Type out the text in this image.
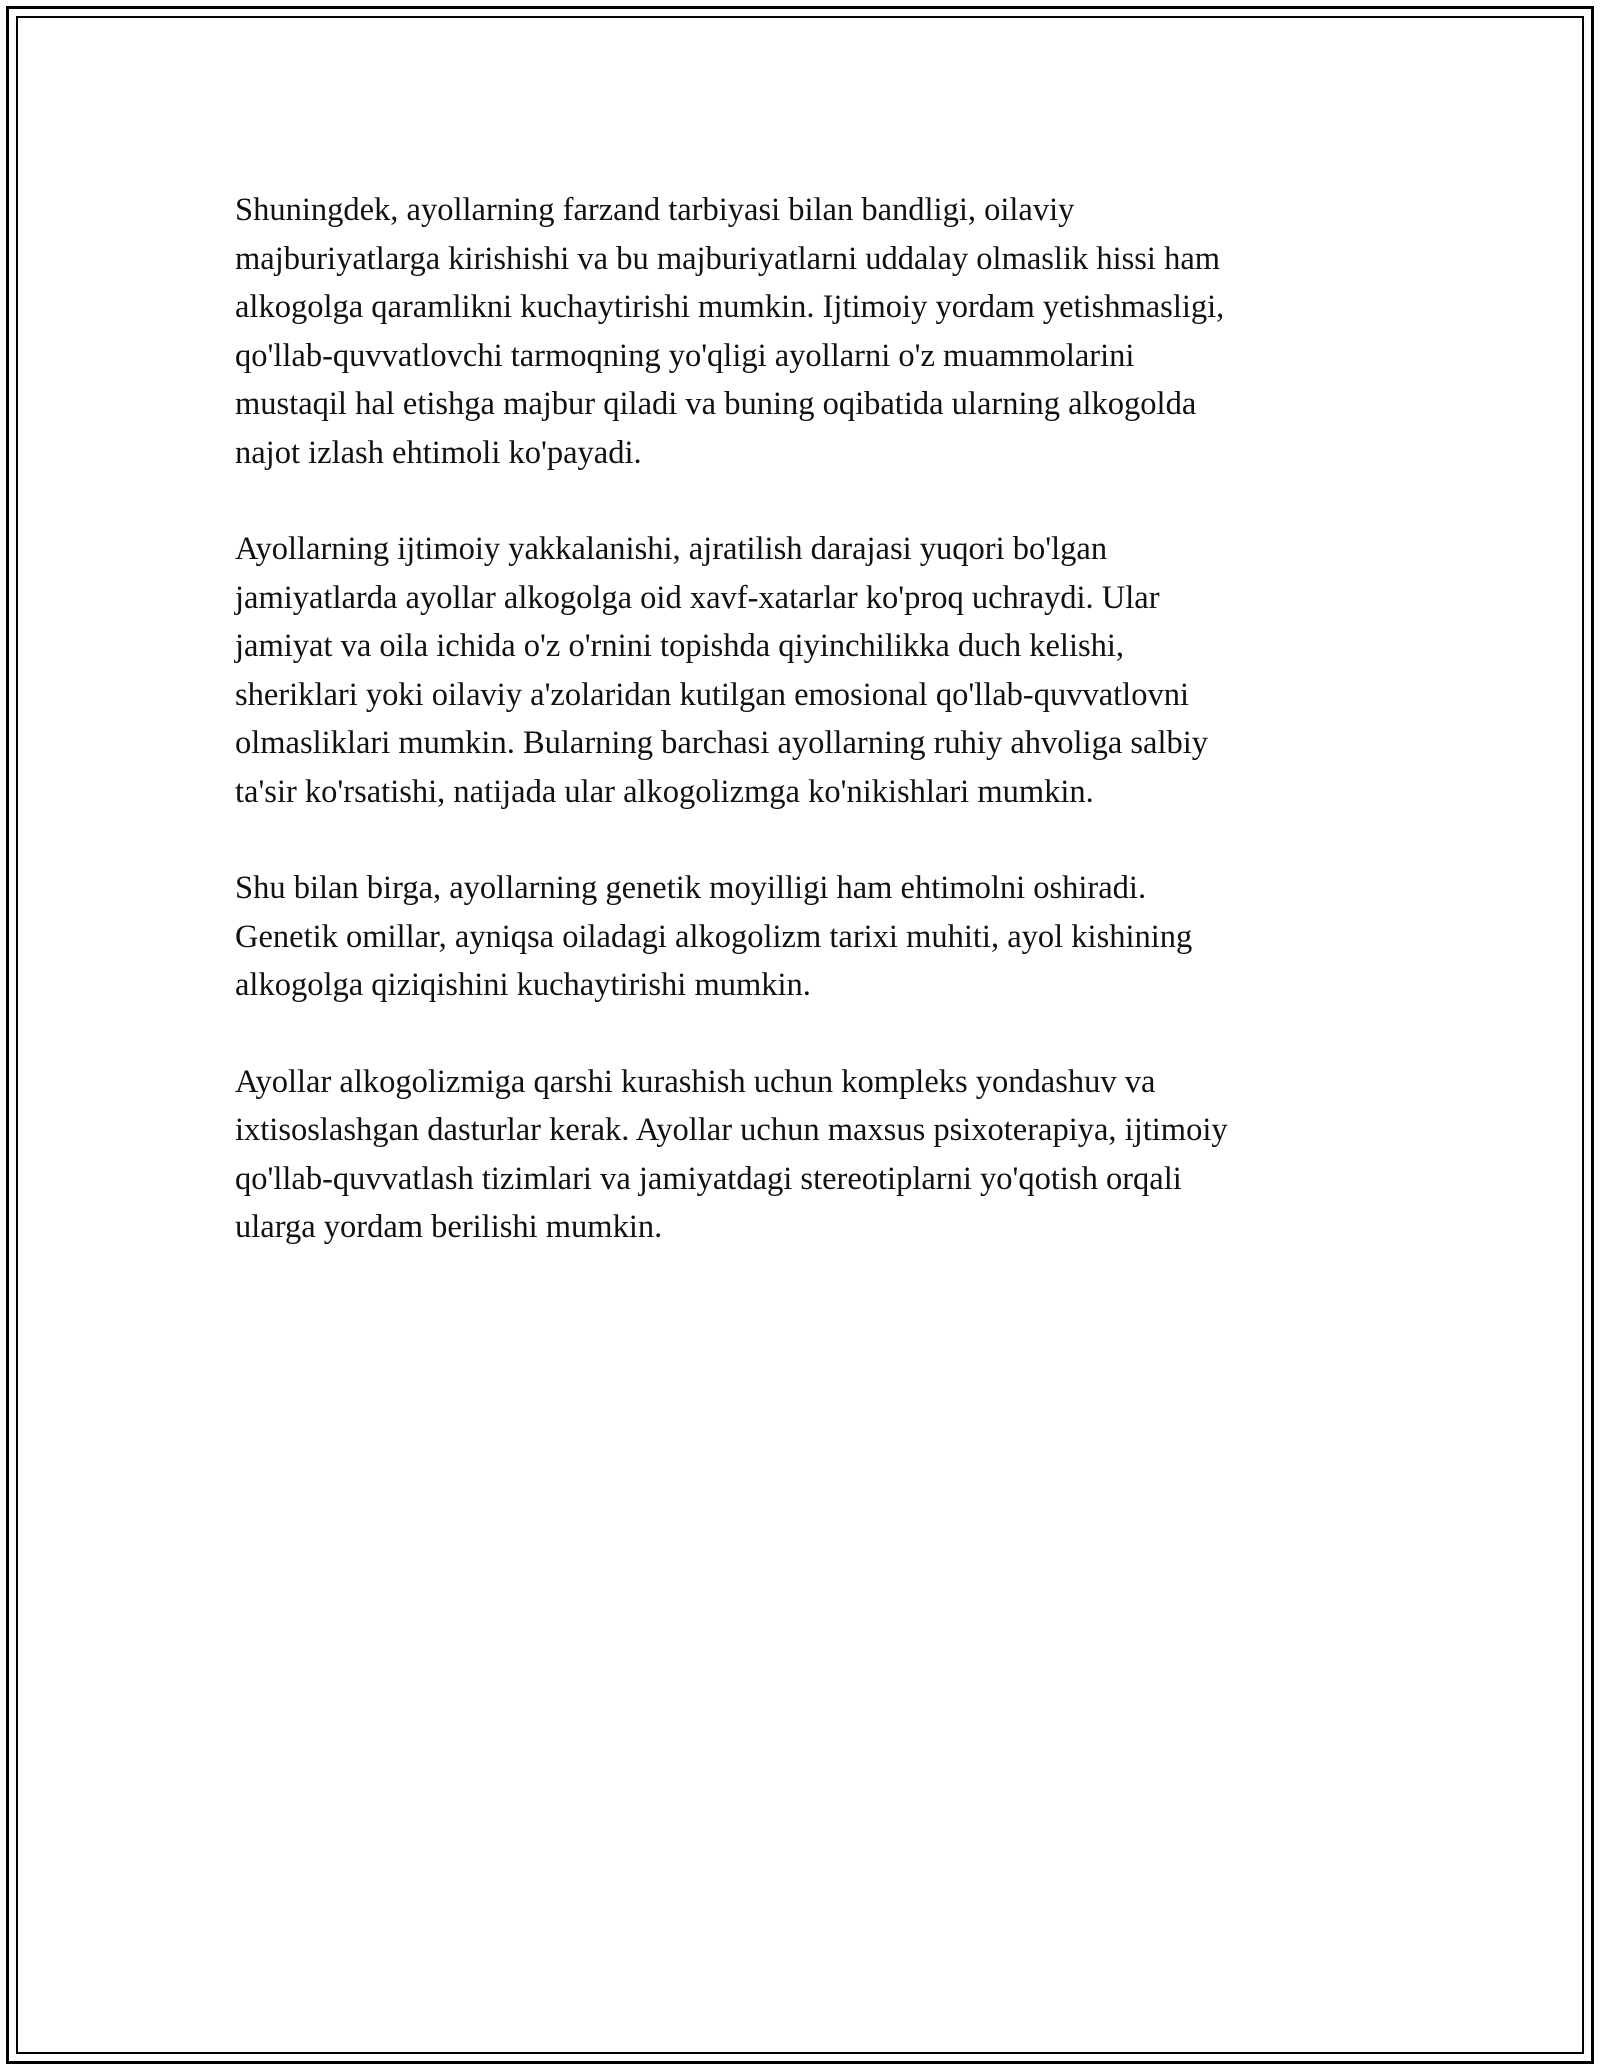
Shuningdek, ayollarning farzand tarbiyasi bilan bandligi, oilaviy
majburiyatlarga kirishishi va bu majburiyatlarni uddalay olmaslik hissi ham
alkogolga qaramlikni kuchaytirishi mumkin. Ijtimoiy yordam yetishmasligi,
qo'llab-quvvatlovchi tarmoqning yo'qligi ayollarni o'z muammolarini
mustaqil hal etishga majbur qiladi va buning oqibatida ularning alkogolda
najot izlash ehtimoli ko'payadi.

Ayollarning ijtimoiy yakkalanishi, ajratilish darajasi yuqori bo'lgan
jamiyatlarda ayollar alkogolga oid xavf-xatarlar ko'proq uchraydi. Ular
jamiyat va oila ichida o'z o'rnini topishda qiyinchilikka duch kelishi,
sheriklari yoki oilaviy a'zolaridan kutilgan emosional qo'llab-quvvatlovni
olmasliklari mumkin. Bularning barchasi ayollarning ruhiy ahvoliga salbiy
ta'sir ko'rsatishi, natijada ular alkogolizmga ko'nikishlari mumkin.

Shu bilan birga, ayollarning genetik moyilligi ham ehtimolni oshiradi.
Genetik omillar, ayniqsa oiladagi alkogolizm tarixi muhiti, ayol kishining
alkogolga qiziqishini kuchaytirishi mumkin.

Ayollar alkogolizmiga qarshi kurashish uchun kompleks yondashuv va
ixtisoslashgan dasturlar kerak. Ayollar uchun maxsus psixoterapiya, ijtimoiy
qo'llab-quvvatlash tizimlari va jamiyatdagi stereotiplarni yo'qotish orqali
ularga yordam berilishi mumkin.
